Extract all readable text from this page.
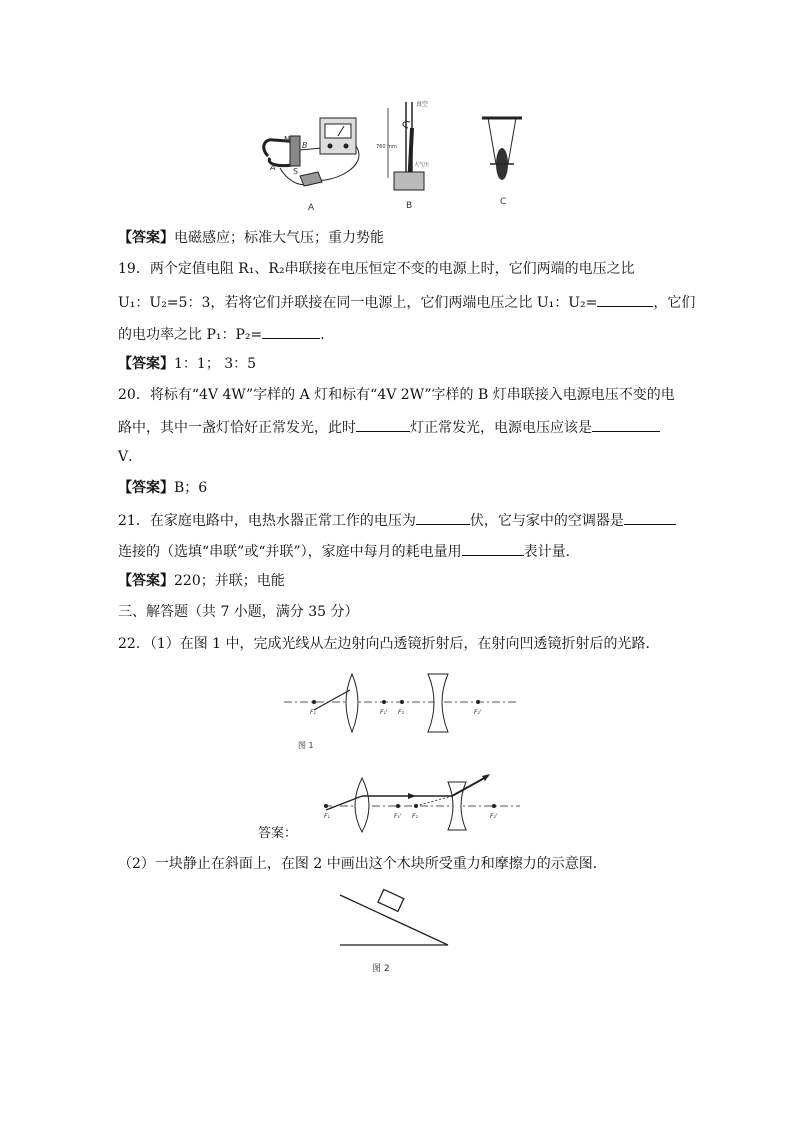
N
B
A S
A
真空
760 mm
大气压
B	C
【答案】电磁感应；标准大气压；重力势能
19．两个定值电阻 R₁、R₂串联接在电压恒定不变的电源上时，它们两端的电压之比
U₁：U₂=5：3，若将它们并联接在同一电源上，它们两端电压之比 U₁：U₂=	，它们
的电功率之比 P₁：P₂=	．
【答案】1：1； 3：5
20．将标有“4V 4W”字样的 A 灯和标有“4V 2W”字样的 B 灯串联接入电源电压不变的电
路中，其中一盏灯恰好正常发光，此时	灯正常发光，电源电压应该是
V．
【答案】B；6
21．在家庭电路中，电热水器正常工作的电压为	伏，它与家中的空调器是
连接的（选填“串联”或“并联”），家庭中每月的耗电量用	表计量．
【答案】220；并联；电能
三、解答题（共 7 小题，满分 35 分）
22．（1）在图 1 中，完成光线从左边射向凸透镜折射后，在射向凹透镜折射后的光路．
F₁	F₁' F₂	F₂'
图 1
F₁	F₁' F₂	F₂'
答案：
（2）一块静止在斜面上，在图 2 中画出这个木块所受重力和摩擦力的示意图．
图 2
